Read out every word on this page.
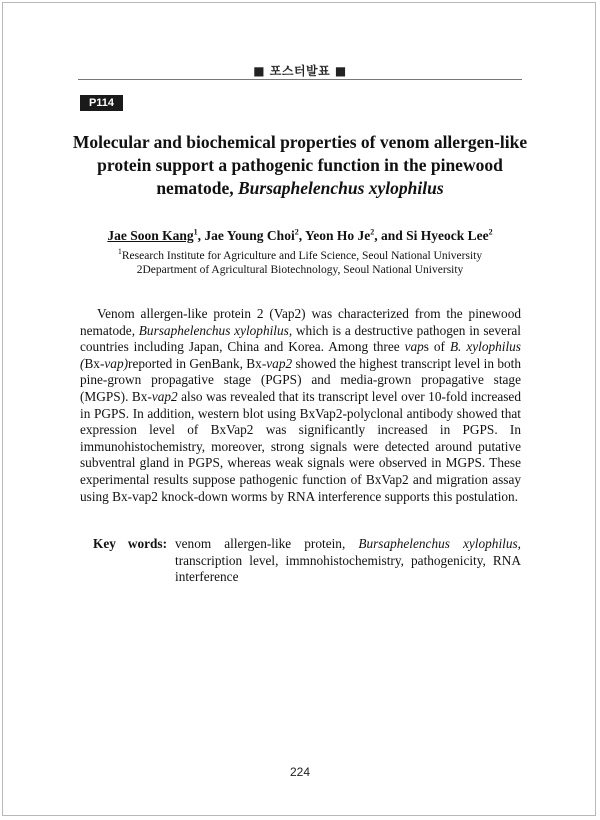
■ 포스터발표 ■
P114
Molecular and biochemical properties of venom allergen-like protein support a pathogenic function in the pinewood nematode, Bursaphelenchus xylophilus
Jae Soon Kang$^1$, Jae Young Choi$^2$, Yeon Ho Je$^2$, and Si Hyeock Lee$^2$
$^1$Research Institute for Agriculture and Life Science, Seoul National University
2Department of Agricultural Biotechnology, Seoul National University

Venom allergen-like protein 2 (Vap2) was characterized from the pinewood nematode, Bursaphelenchus xylophilus, which is a destructive pathogen in several countries including Japan, China and Korea. Among three vaps of B. xylophilus (Bx-vap)reported in GenBank, Bx-vap2 showed the highest transcript level in both pine-grown propagative stage (PGPS) and media-grown propagative stage (MGPS). Bx-vap2 also was revealed that its transcript level over 10-fold increased in PGPS. In addition, western blot using BxVap2-polyclonal antibody showed that expression level of BxVap2 was significantly increased in PGPS. In immunohistochemistry, moreover, strong signals were detected around putative subventral gland in PGPS, whereas weak signals were observed in MGPS. These experimental results suppose pathogenic function of BxVap2 and migration assay using Bx-vap2 knock-down worms by RNA interference supports this postulation.

Key words: venom allergen-like protein, Bursaphelenchus xylophilus, transcription level, immnohistochemistry, pathogenicity, RNA interference

224
